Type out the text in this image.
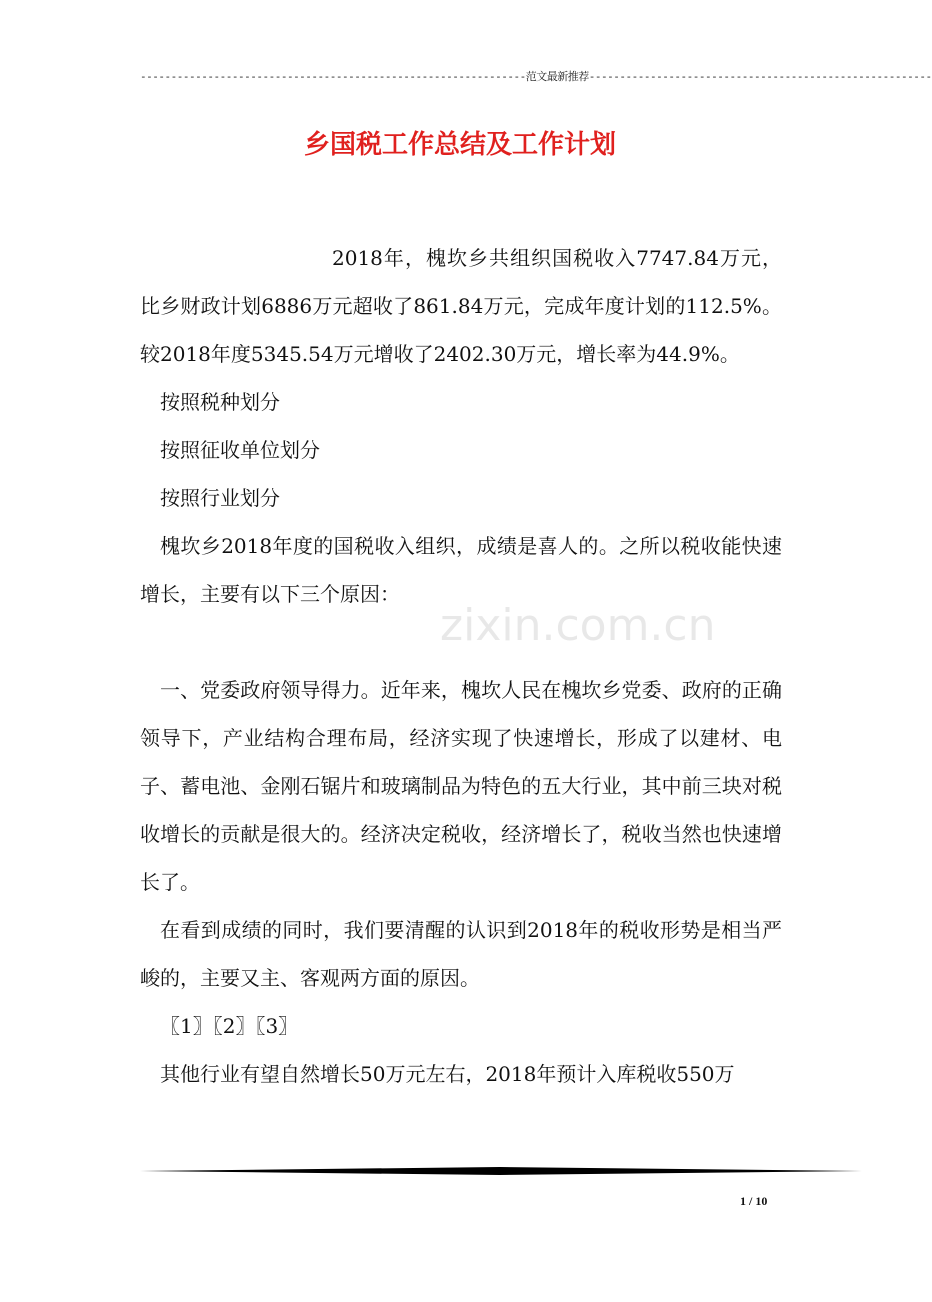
---------------------------------------------------------------范文最新推荐--------------------------------------------------------
乡国税工作总结及工作计划

2018年，槐坎乡共组织国税收入7747.84万元，比乡财政计划6886万元超收了861.84万元，完成年度计划的112.5%。较2018年度5345.54万元增收了2402.30万元，增长率为44.9%。

按照税种划分

按照征收单位划分

按照行业划分

槐坎乡2018年度的国税收入组织，成绩是喜人的。之所以税收能快速增长，主要有以下三个原因：

一、党委政府领导得力。近年来，槐坎人民在槐坎乡党委、政府的正确领导下，产业结构合理布局，经济实现了快速增长，形成了以建材、电子、蓄电池、金刚石锯片和玻璃制品为特色的五大行业，其中前三块对税收增长的贡献是很大的。经济决定税收，经济增长了，税收当然也快速增长了。

在看到成绩的同时，我们要清醒的认识到2018年的税收形势是相当严峻的，主要又主、客观两方面的原因。

〖1〗〖2〗〖3〗

其他行业有望自然增长50万元左右，2018年预计入库税收550万

zixin.com.cn
1 / 10
